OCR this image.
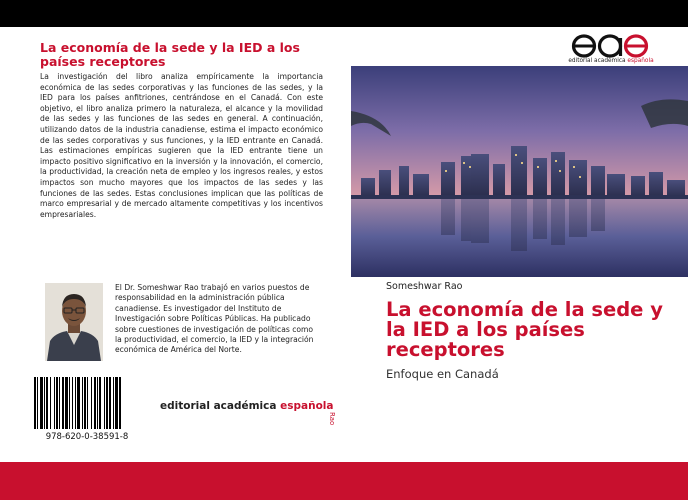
La economía de la sede y la IED a los países receptores

La investigación del libro analiza empíricamente la importancia económica de las sedes corporativas y las funciones de las sedes, y la IED para los países anfitriones, centrándose en el Canadá. Con este objetivo, el libro analiza primero la naturaleza, el alcance y la movilidad de las sedes y las funciones de las sedes en general. A continuación, utilizando datos de la industria canadiense, estima el impacto económico de las sedes corporativas y sus funciones, y la IED entrante en Canadá. Las estimaciones empíricas sugieren que la IED entrante tiene un impacto positivo significativo en la inversión y la innovación, el comercio, la productividad, la creación neta de empleo y los ingresos reales, y estos impactos son mucho mayores que los impactos de las sedes y las funciones de las sedes. Estas conclusiones implican que las políticas de marco empresarial y de mercado altamente competitivas y los incentivos empresariales.

El Dr. Someshwar Rao trabajó en varios puestos de responsabilidad en la administración pública canadiense. Es investigador del Instituto de Investigación sobre Políticas Públicas. Ha publicado sobre cuestiones de investigación de políticas como la productividad, el comercio, la IED y la integración económica de América del Norte.

978-620-0-38591-8
editorial académica española
Rao
editorial académica española
Someshwar Rao
La economía de la sede y la IED a los países receptores
Enfoque en Canadá
